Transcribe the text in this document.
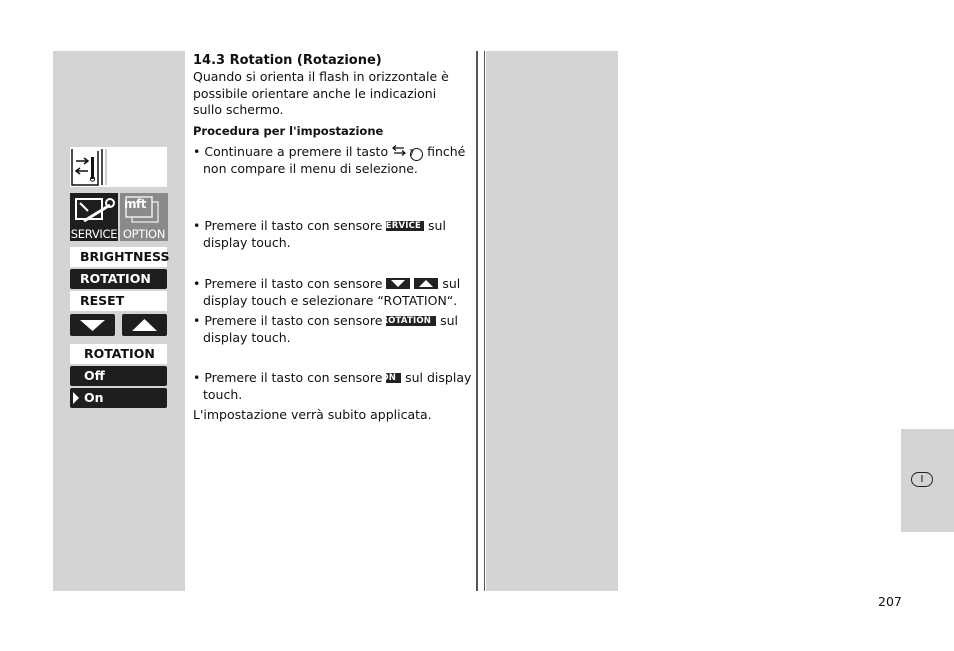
SERVICE
mft
OPTION
BRIGHTNESS
ROTATION
RESET
ROTATION
Off
On
14.3 Rotation (Rotazione)
Quando si orienta il flash in orizzontale è possibile orientare anche le indicazioni sullo schermo.
Procedura per l'impostazione
• Continuare a premere il tasto 7 finché non compare il menu di selezione.
• Premere il tasto con sensore SERVICE sul display touch.
• Premere il tasto con sensore
	sul display touch e selezionare “ROTATION“.
• Premere il tasto con sensore ROTATION sul display touch.
• Premere il tasto con sensore ON sul display touch.
L'impostazione verrà subito applicata.
I
207
